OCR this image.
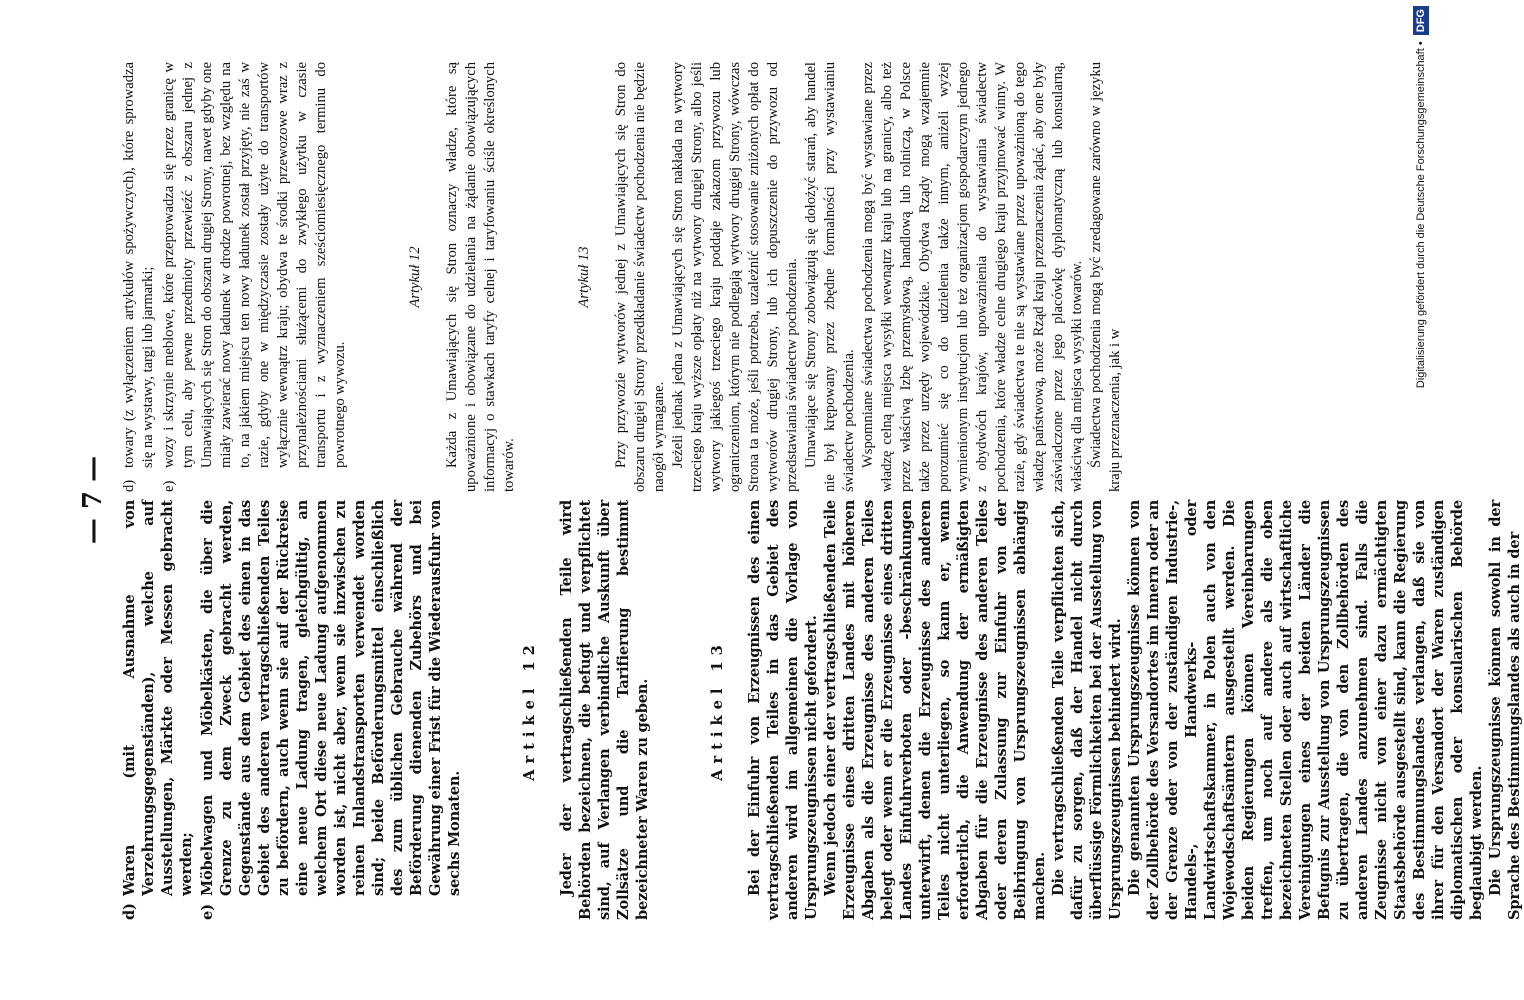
— 7 —
d)
Waren (mit Ausnahme von Verzehrungsgegenständen), welche auf Ausstellungen, Märkte oder Messen gebracht werden;
e)
Möbelwagen und Möbelkästen, die über die Grenze zu dem Zweck gebracht werden, Gegenstände aus dem Gebiet des einen in das Gebiet des anderen vertragschließenden Teiles zu befördern, auch wenn sie auf der Rückreise eine neue Ladung tragen, gleichgültig, an welchem Ort diese neue Ladung aufgenommen worden ist, nicht aber, wenn sie inzwischen zu reinen Inlandstransporten verwendet worden sind; beide Beförderungsmittel einschließlich des zum üblichen Gebrauche während der Beförderung dienenden Zubehörs und bei Gewährung einer Frist für die Wiederausfuhr von sechs Monaten.
Artikel 12 Jeder der vertragschließenden Teile wird Behörden bezeichnen, die befugt und verpflichtet sind, auf Verlangen verbindliche Auskunft über Zollsätze und die Tarifierung bestimmt bezeichneter Waren zu geben.	Artikel 13 Bei der Einfuhr von Erzeugnissen des einen vertragschließenden Teiles in das Gebiet des anderen wird im allgemeinen die Vorlage von Ursprungszeugnissen nicht gefordert. Wenn jedoch einer der vertragschließenden Teile Erzeugnisse eines dritten Landes mit höheren Abgaben als die Erzeugnisse des anderen Teiles belegt oder wenn er die Erzeugnisse eines dritten Landes Einfuhrverboten oder -beschränkungen unterwirft, denen die Erzeugnisse des anderen Teiles nicht unterliegen, so kann er, wenn erforderlich, die Anwendung der ermäßigten Abgaben für die Erzeugnisse des anderen Teiles oder deren Zulassung zur Einfuhr von der Beibringung von Ursprungszeugnissen abhängig machen. Die vertragschließenden Teile verpflichten sich, dafür zu sorgen, daß der Handel nicht durch überflüssige Förmlichkeiten bei der Ausstellung von Ursprungszeugnissen behindert wird. Die genannten Ursprungszeugnisse können von der Zollbehörde des Versandortes im Innern oder an der Grenze oder von der zuständigen Industrie-, Handels-, Handwerks- oder Landwirtschaftskammer, in Polen auch von den Wojewodschaftsämtern ausgestellt werden. Die beiden Regierungen können Vereinbarungen treffen, um noch auf andere als die oben bezeichneten Stellen oder auch auf wirtschaftliche Vereinigungen eines der beiden Länder die Befugnis zur Ausstellung von Ursprungszeugnissen zu übertragen, die von den Zollbehörden des anderen Landes anzunehmen sind. Falls die Zeugnisse nicht von einer dazu ermächtigten Staatsbehörde ausgestellt sind, kann die Regierung des Bestimmungslandes verlangen, daß sie von ihrer für den Versandort der Waren zuständigen diplomatischen oder konsularischen Behörde beglaubigt werden. Die Ursprungszeugnisse können sowohl in der Sprache des Bestimmungslandes als auch in der

d)
towary (z wyłączeniem artykułów spożywczych), które sprowadza się na wystawy, targi lub jarmarki;
e)
wozy i skrzynie meblowe, które przeprowadza się przez granicę w tym celu, aby pewne przedmioty przewieźć z obszaru jednej z Umawiających się Stron do obszaru drugiej Strony, nawet gdyby one miały zawierać nowy ładunek w drodze powrotnej, bez względu na to, na jakiem miejscu ten nowy ładunek został przyjęty, nie zaś w razie, gdyby one w międzyczasie zostały użyte do transportów wyłącznie wewnątrz kraju; obydwa te środki przewozowe wraz z przynależnościami służącemi do zwykłego użytku w czasie transportu i z wyznaczeniem sześciomiesięcznego terminu do powrotnego wywozu.
Artykuł 12 Każda z Umawiających się Stron oznaczy władze, które są upoważnione i obowiązane do udzielania na żądanie obowiązujących informacyj o stawkach taryfy celnej i taryfowaniu ściśle określonych towarów.

Artykuł 13 Przy przywozie wytworów jednej z Umawiających się Stron do obszaru drugiej Strony przedkładanie świadectw pochodzenia nie będzie naogół wymagane. Jeżeli jednak jedna z Umawiających się Stron nakłada na wytwory trzeciego kraju wyższe opłaty niż na wytwory drugiej Strony, albo jeśli wytwory jakiegoś trzeciego kraju poddaje zakazom przywozu lub ograniczeniom, którym nie podlegają wytwory drugiej Strony, wówczas Strona ta może, jeśli potrzeba, uzależnić stosowanie zniżonych opłat do wytworów drugiej Strony, lub ich dopuszczenie do przywozu od przedstawiania świadectw pochodzenia. Umawiające się Strony zobowiązują się dołożyć starań, aby handel nie był krępowany przez zbędne formalności przy wystawianiu świadectw pochodzenia. Wspomniane świadectwa pochodzenia mogą być wystawiane przez władzę celną miejsca wysyłki wewnątrz kraju lub na granicy, albo też przez właściwą Izbę przemysłową, handlową lub rolniczą, w Polsce także przez urzędy wojewódzkie. Obydwa Rządy mogą wzajemnie porozumieć się co do udzielenia także innym, aniżeli wyżej wymienionym instytucjom lub też organizacjom gospodarczym jednego z obydwóch krajów, upoważnienia do wystawiania świadectw pochodzenia, które władze celne drugiego kraju przyjmować winny. W razie, gdy świadectwa te nie są wystawiane przez upoważnioną do tego władzę państwową, może Rząd kraju przeznaczenia żądać, aby one były zaświadczone przez jego placówkę dyplomatyczną lub konsularną, właściwą dla miejsca wysyłki towarów. Świadectwa pochodzenia mogą być zredagowane zarówno w języku kraju przeznaczenia, jak i w

Digitalisierung gefördert durch die Deutsche Forschungsgemeinschaft • DFG
